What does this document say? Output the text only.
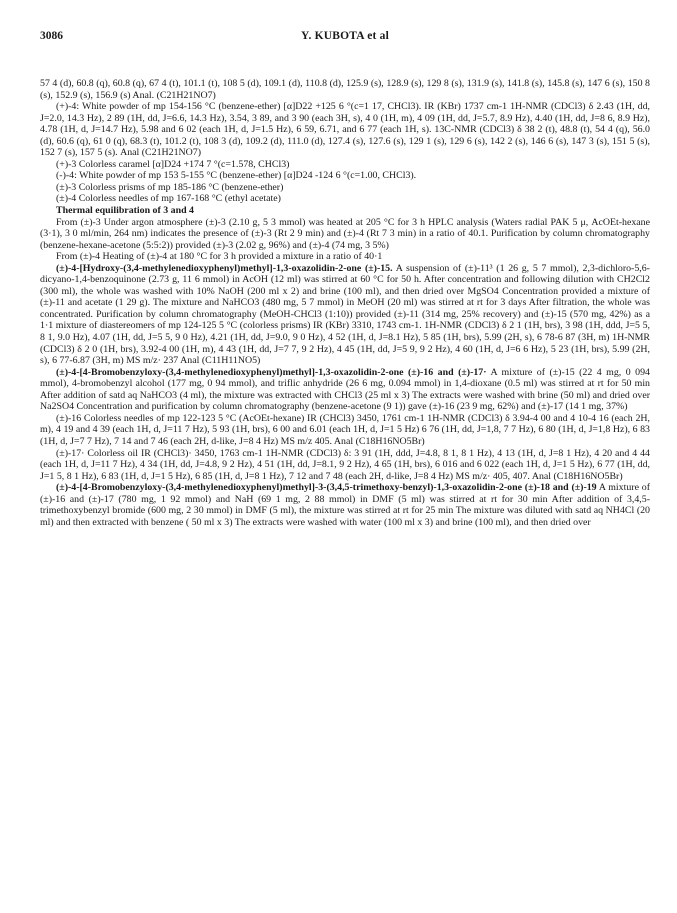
3086	Y. KUBOTA et al

57 4 (d), 60.8 (q), 60.8 (q), 67 4 (t), 101.1 (t), 108 5 (d), 109.1 (d), 110.8 (d), 125.9 (s), 128.9 (s), 129 8 (s), 131.9 (s), 141.8 (s), 145.8 (s), 147 6 (s), 150 8 (s), 152.9 (s), 156.9 (s) Anal. (C21H21NO7)

(+)-4: White powder of mp 154-156 °C (benzene-ether) [α]D22 +125 6 °(c=1 17, CHCl3). IR (KBr) 1737 cm-1 1H-NMR (CDCl3) δ 2.43 (1H, dd, J=2.0, 14.3 Hz), 2 89 (1H, dd, J=6.6, 14.3 Hz), 3.54, 3 89, and 3 90 (each 3H, s), 4 0 (1H, m), 4 09 (1H, dd, J=5.7, 8.9 Hz), 4.40 (1H, dd, J=8 6, 8.9 Hz), 4.78 (1H, d, J=14.7 Hz), 5.98 and 6 02 (each 1H, d, J=1.5 Hz), 6 59, 6.71, and 6 77 (each 1H, s). 13C-NMR (CDCl3) δ 38 2 (t), 48.8 (t), 54 4 (q), 56.0 (d), 60.6 (q), 61 0 (q), 68.3 (t), 101.2 (t), 108 3 (d), 109.2 (d), 111.0 (d), 127.4 (s), 127.6 (s), 129 1 (s), 129 6 (s), 142 2 (s), 146 6 (s), 147 3 (s), 151 5 (s), 152 7 (s), 157 5 (s). Anal (C21H21NO7)

(+)-3 Colorless caramel [α]D24 +174 7 °(c=1.578, CHCl3)

(-)-4: White powder of mp 153 5-155 °C (benzene-ether) [α]D24 -124 6 °(c=1.00, CHCl3).

(±)-3 Colorless prisms of mp 185-186 °C (benzene-ether)

(±)-4 Colorless needles of mp 167-168 °C (ethyl acetate)

Thermal equilibration of 3 and 4

From (±)-3 Under argon atmosphere (±)-3 (2.10 g, 5 3 mmol) was heated at 205 °C for 3 h HPLC analysis (Waters radial PAK 5 μ, AcOEt-hexane (3·1), 3 0 ml/min, 264 nm) indicates the presence of (±)-3 (Rt 2 9 min) and (±)-4 (Rt 7 3 min) in a ratio of 40.1. Purification by column chromatography (benzene-hexane-acetone (5:5:2)) provided (±)-3 (2.02 g, 96%) and (±)-4 (74 mg, 3 5%)

From (±)-4 Heating of (±)-4 at 180 °C for 3 h provided a mixture in a ratio of 40·1

(±)-4-[Hydroxy-(3,4-methylenedioxyphenyl)methyl]-1,3-oxazolidin-2-one (±)-15. A suspension of (±)-11³ (1 26 g, 5 7 mmol), 2,3-dichloro-5,6-dicyano-1,4-benzoquinone (2.73 g, 11 6 mmol) in AcOH (12 ml) was stirred at 60 °C for 50 h. After concentration and following dilution with CH2Cl2 (300 ml), the whole was washed with 10% NaOH (200 ml x 2) and brine (100 ml), and then dried over MgSO4 Concentration provided a mixture of (±)-11 and acetate (1 29 g). The mixture and NaHCO3 (480 mg, 5 7 mmol) in MeOH (20 ml) was stirred at rt for 3 days After filtration, the whole was concentrated. Purification by column chromatography (MeOH-CHCl3 (1:10)) provided (±)-11 (314 mg, 25% recovery) and (±)-15 (570 mg, 42%) as a 1·1 mixture of diastereomers of mp 124-125 5 °C (colorless prisms) IR (KBr) 3310, 1743 cm-1. 1H-NMR (CDCl3) δ 2 1 (1H, brs), 3 98 (1H, ddd, J=5 5, 8 1, 9.0 Hz), 4.07 (1H, dd, J=5 5, 9 0 Hz), 4.21 (1H, dd, J=9.0, 9 0 Hz), 4 52 (1H, d, J=8.1 Hz), 5 85 (1H, brs), 5.99 (2H, s), 6 78-6 87 (3H, m) 1H-NMR (CDCl3) δ 2 0 (1H, brs), 3.92-4 00 (1H, m), 4 43 (1H, dd, J=7 7, 9 2 Hz), 4 45 (1H, dd, J=5 9, 9 2 Hz), 4 60 (1H, d, J=6 6 Hz), 5 23 (1H, brs), 5.99 (2H, s), 6 77-6.87 (3H, m) MS m/z· 237 Anal (C11H11NO5)

(±)-4-[4-Bromobenzyloxy-(3,4-methylenedioxyphenyl)methyl]-1,3-oxazolidin-2-one (±)-16 and (±)-17· A mixture of (±)-15 (22 4 mg, 0 094 mmol), 4-bromobenzyl alcohol (177 mg, 0 94 mmol), and triflic anhydride (26 6 mg, 0.094 mmol) in 1,4-dioxane (0.5 ml) was stirred at rt for 50 min After addition of satd aq NaHCO3 (4 ml), the mixture was extracted with CHCl3 (25 ml x 3) The extracts were washed with brine (50 ml) and dried over Na2SO4 Concentration and purification by column chromatography (benzene-acetone (9 1)) gave (±)-16 (23 9 mg, 62%) and (±)-17 (14 1 mg, 37%)

(±)-16 Colorless needles of mp 122-123 5 °C (AcOEt-hexane) IR (CHCl3) 3450, 1761 cm-1 1H-NMR (CDCl3) δ 3.94-4 00 and 4 10-4 16 (each 2H, m), 4 19 and 4 39 (each 1H, d, J=11 7 Hz), 5 93 (1H, brs), 6 00 and 6.01 (each 1H, d, J=1 5 Hz) 6 76 (1H, dd, J=1,8, 7 7 Hz), 6 80 (1H, d, J=1,8 Hz), 6 83 (1H, d, J=7 7 Hz), 7 14 and 7 46 (each 2H, d-like, J=8 4 Hz) MS m/z 405. Anal (C18H16NO5Br)

(±)-17· Colorless oil IR (CHCl3)· 3450, 1763 cm-1 1H-NMR (CDCl3) δ: 3 91 (1H, ddd, J=4.8, 8 1, 8 1 Hz), 4 13 (1H, d, J=8 1 Hz), 4 20 and 4 44 (each 1H, d, J=11 7 Hz), 4 34 (1H, dd, J=4.8, 9 2 Hz), 4 51 (1H, dd, J=8.1, 9 2 Hz), 4 65 (1H, brs), 6 016 and 6 022 (each 1H, d, J=1 5 Hz), 6 77 (1H, dd, J=1 5, 8 1 Hz), 6 83 (1H, d, J=1 5 Hz), 6 85 (1H, d, J=8 1 Hz), 7 12 and 7 48 (each 2H, d-like, J=8 4 Hz) MS m/z· 405, 407. Anal (C18H16NO5Br)

(±)-4-[4-Bromobenzyloxy-(3,4-methylenedioxyphenyl)methyl]-3-(3,4,5-trimethoxy-benzyl)-1,3-oxazolidin-2-one (±)-18 and (±)-19 A mixture of (±)-16 and (±)-17 (780 mg, 1 92 mmol) and NaH (69 1 mg, 2 88 mmol) in DMF (5 ml) was stirred at rt for 30 min After addition of 3,4,5-trimethoxybenzyl bromide (600 mg, 2 30 mmol) in DMF (5 ml), the mixture was stirred at rt for 25 min The mixture was diluted with satd aq NH4Cl (20 ml) and then extracted with benzene ( 50 ml x 3) The extracts were washed with water (100 ml x 3) and brine (100 ml), and then dried over
